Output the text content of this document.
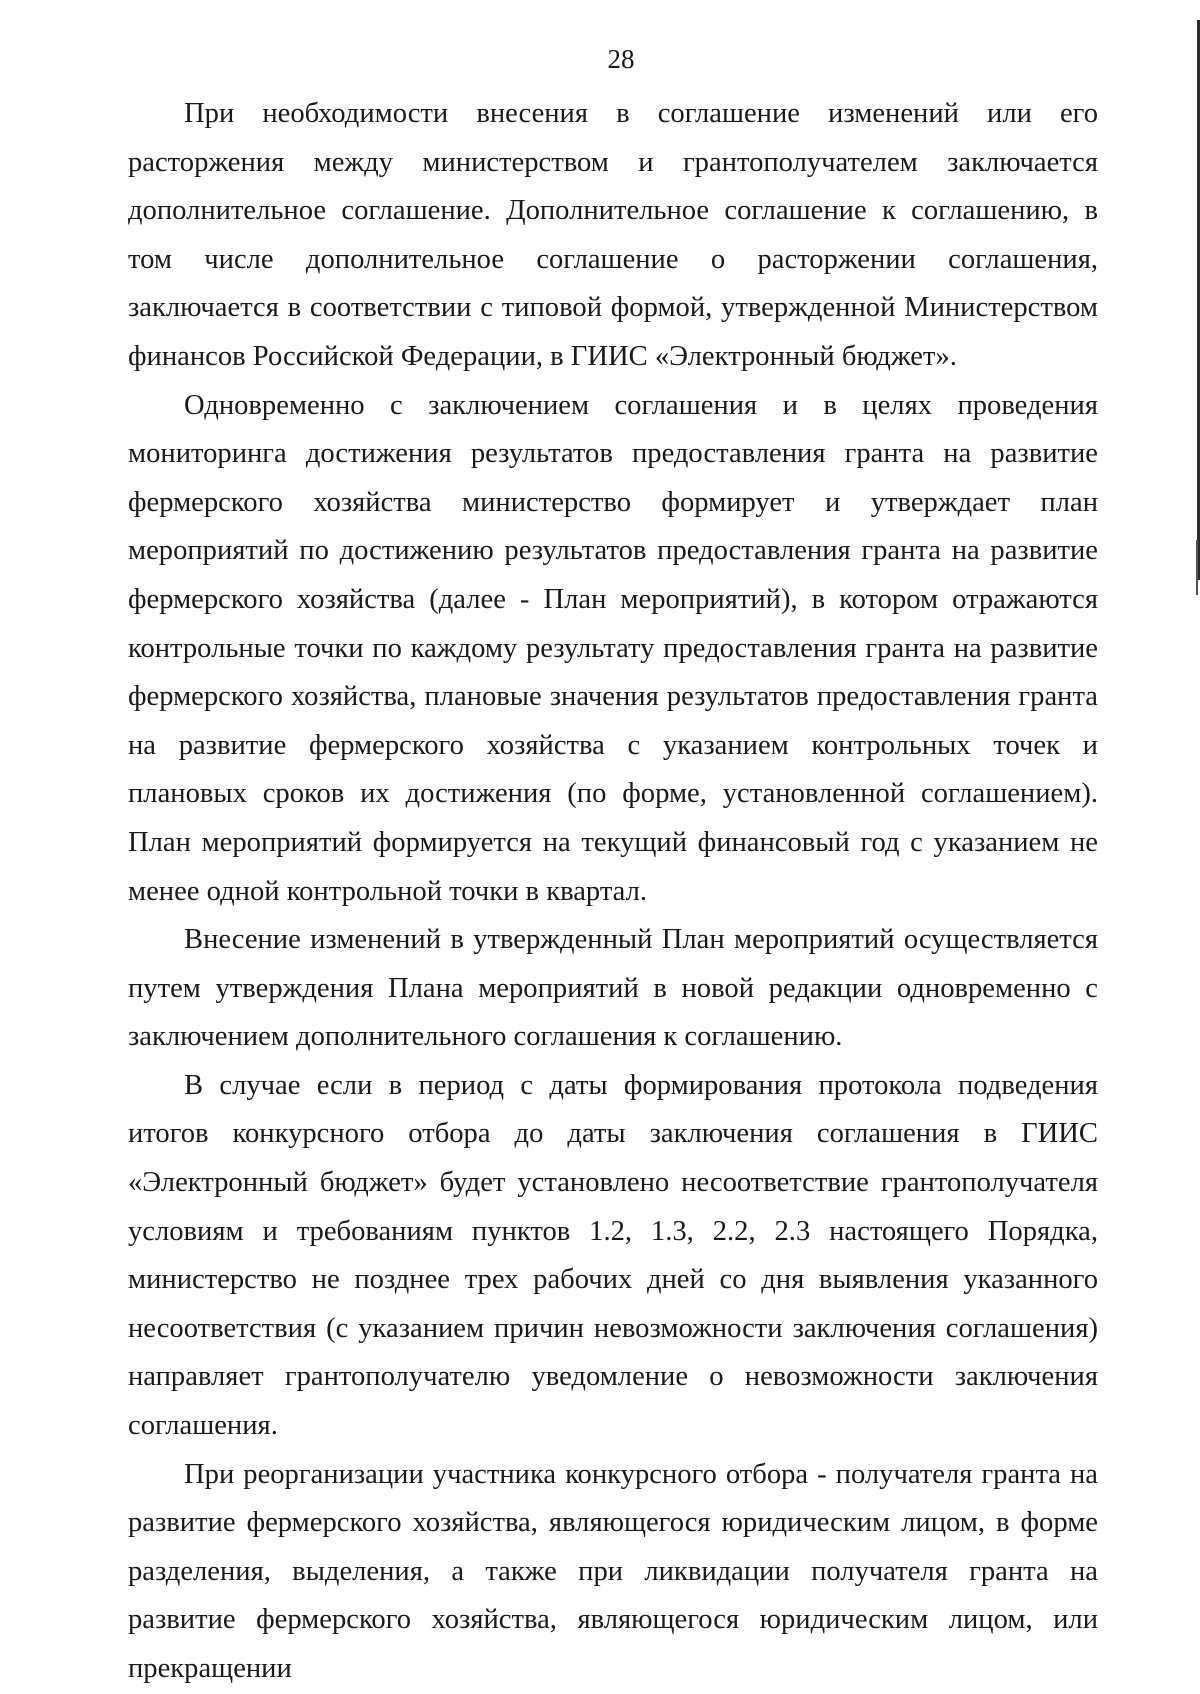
28

При необходимости внесения в соглашение изменений или его расторжения между министерством и грантополучателем заключается дополнительное соглашение. Дополнительное соглашение к соглашению, в том числе дополнительное соглашение о расторжении соглашения, заключается в соответствии с типовой формой, утвержденной Министерством финансов Российской Федерации, в ГИИС «Электронный бюджет».

Одновременно с заключением соглашения и в целях проведения мониторинга достижения результатов предоставления гранта на развитие фермерского хозяйства министерство формирует и утверждает план мероприятий по достижению результатов предоставления гранта на развитие фермерского хозяйства (далее - План мероприятий), в котором отражаются контрольные точки по каждому результату предоставления гранта на развитие фермерского хозяйства, плановые значения результатов предоставления гранта на развитие фермерского хозяйства с указанием контрольных точек и плановых сроков их достижения (по форме, установленной соглашением). План мероприятий формируется на текущий финансовый год с указанием не менее одной контрольной точки в квартал.

Внесение изменений в утвержденный План мероприятий осуществляется путем утверждения Плана мероприятий в новой редакции одновременно с заключением дополнительного соглашения к соглашению.

В случае если в период с даты формирования протокола подведения итогов конкурсного отбора до даты заключения соглашения в ГИИС «Электронный бюджет» будет установлено несоответствие грантополучателя условиям и требованиям пунктов 1.2, 1.3, 2.2, 2.3 настоящего Порядка, министерство не позднее трех рабочих дней со дня выявления указанного несоответствия (с указанием причин невозможности заключения соглашения) направляет грантополучателю уведомление о невозможности заключения соглашения.

При реорганизации участника конкурсного отбора - получателя гранта на развитие фермерского хозяйства, являющегося юридическим лицом, в форме разделения, выделения, а также при ликвидации получателя гранта на развитие фермерского хозяйства, являющегося юридическим лицом, или прекращении
